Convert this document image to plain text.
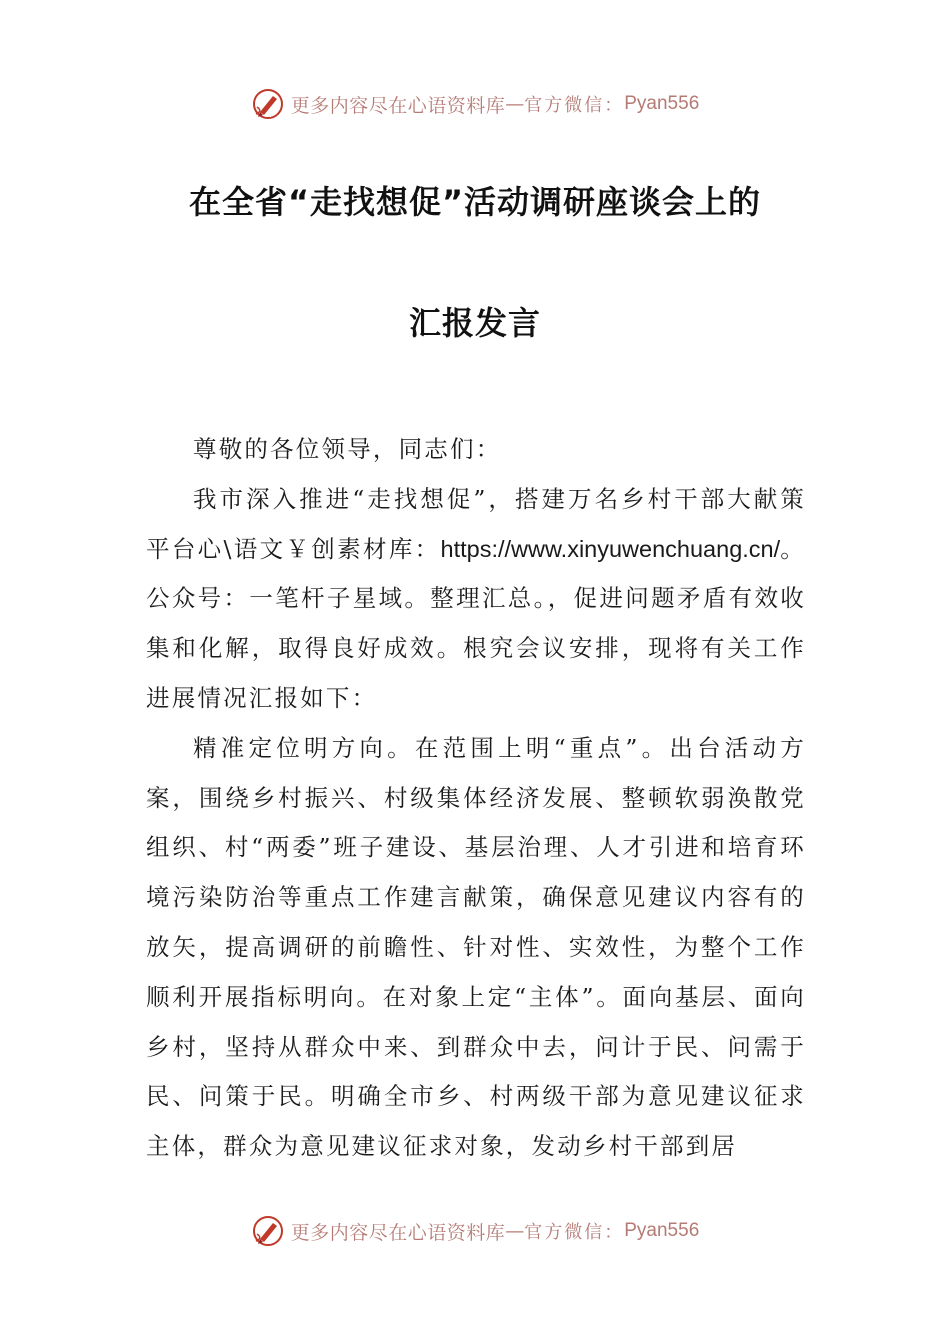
更多内容尽在心语资料库 — 官方微信： Pyan556
在全省“走找想促”活动调研座谈会上的
汇报发言

尊敬的各位领导，同志们：

我市深入推进“走找想促”，搭建万名乡村干部大献策平台心\语文￥创素材库：https://www.xinyuwenchuang.cn/。公众号：一笔杆子星域。整理汇总。，促进问题矛盾有效收集和化解，取得良好成效。根究会议安排，现将有关工作进展情况汇报如下：

精准定位明方向。在范围上明“重点”。出台活动方案，围绕乡村振兴、村级集体经济发展、整顿软弱涣散党组织、村“两委”班子建设、基层治理、人才引进和培育环境污染防治等重点工作建言献策，确保意见建议内容有的放矢，提高调研的前瞻性、针对性、实效性，为整个工作顺利开展指标明向。在对象上定“主体”。面向基层、面向乡村，坚持从群众中来、到群众中去，问计于民、问需于民、问策于民。明确全市乡、村两级干部为意见建议征求主体，群众为意见建议征求对象，发动乡村干部到居

更多内容尽在心语资料库 — 官方微信： Pyan556
